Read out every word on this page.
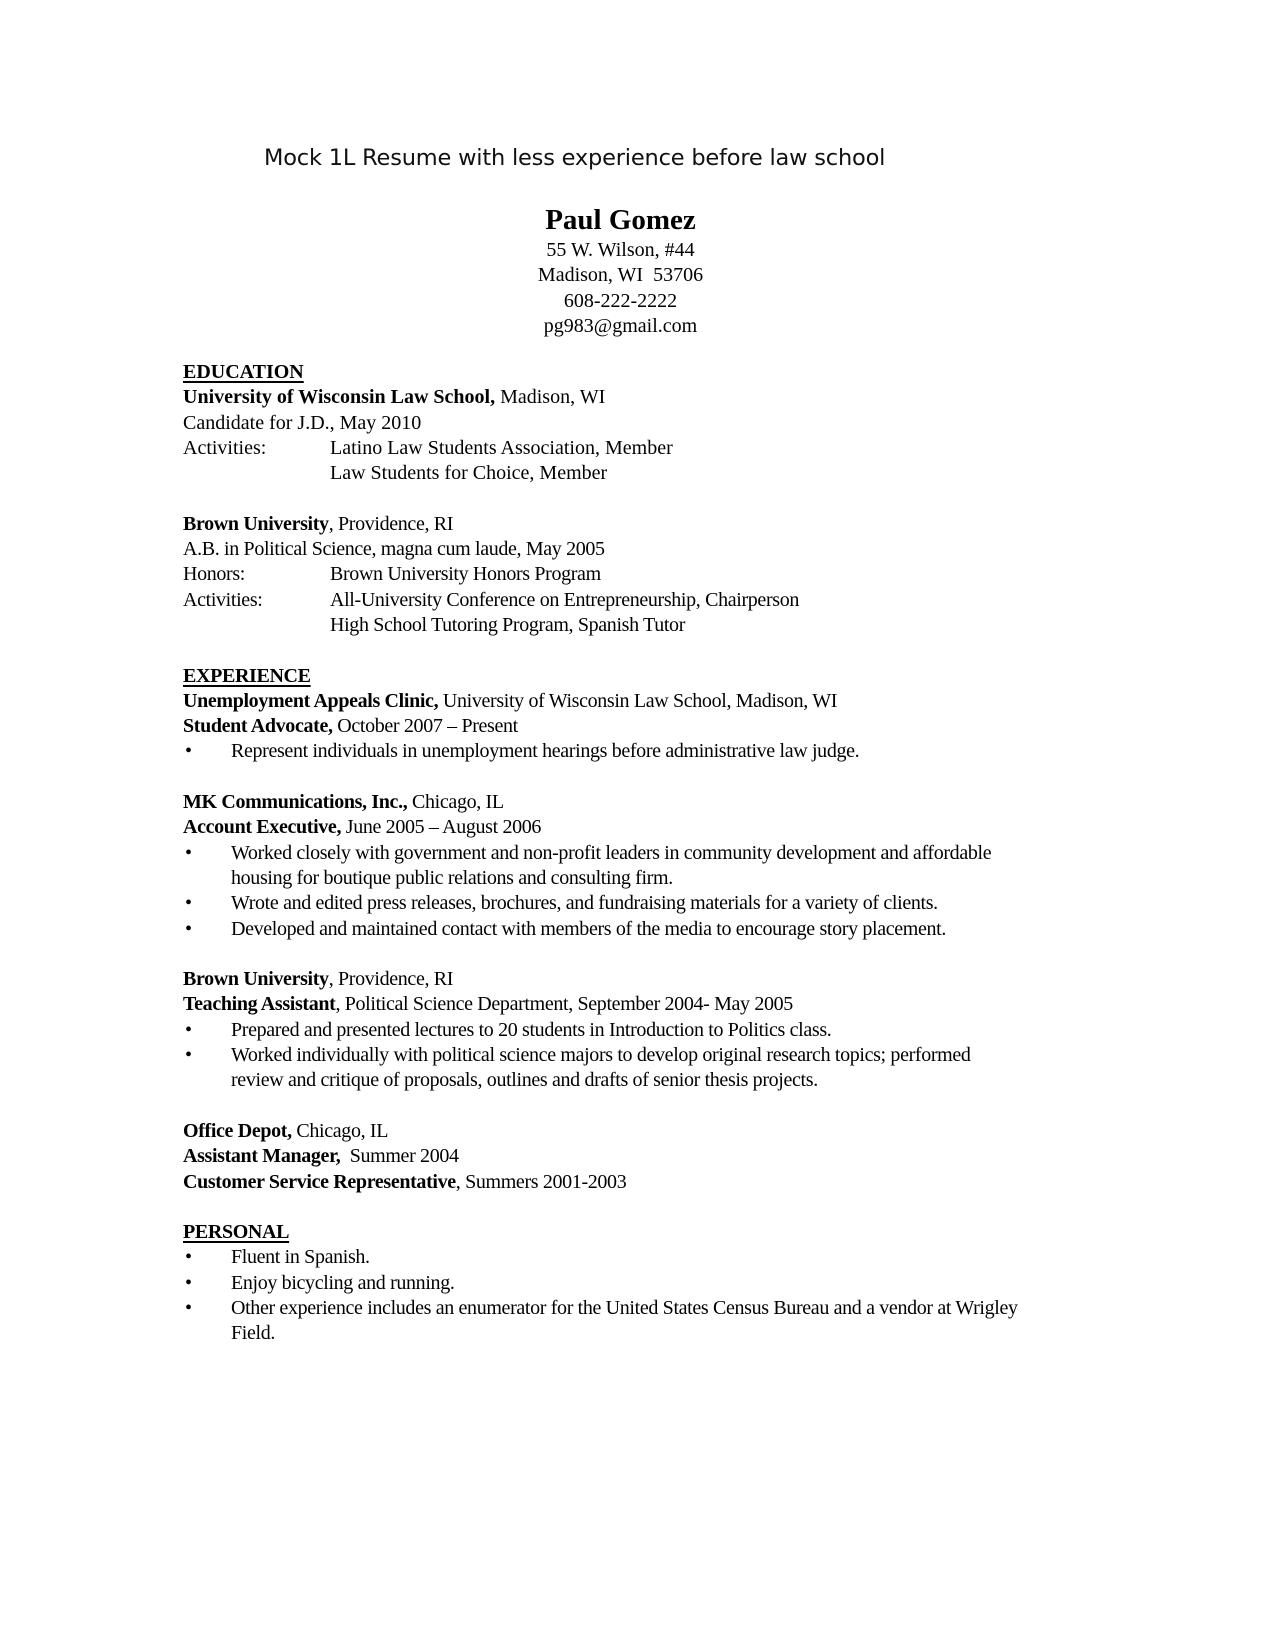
Mock 1L Resume with less experience before law school
Paul Gomez
55 W. Wilson, #44
Madison, WI  53706
608-222-2222
pg983@gmail.com
EDUCATION
University of Wisconsin Law School, Madison, WI
Candidate for J.D., May 2010
Activities:	Latino Law Students Association, Member
Law Students for Choice, Member
Brown University, Providence, RI
A.B. in Political Science, magna cum laude, May 2005
Honors:	Brown University Honors Program
Activities:	All-University Conference on Entrepreneurship, Chairperson
High School Tutoring Program, Spanish Tutor
EXPERIENCE
Unemployment Appeals Clinic, University of Wisconsin Law School, Madison, WI
Student Advocate, October 2007 – Present
•	Represent individuals in unemployment hearings before administrative law judge.
MK Communications, Inc., Chicago, IL
Account Executive, June 2005 – August 2006
•	Worked closely with government and non-profit leaders in community development and affordable housing for boutique public relations and consulting firm.
•	Wrote and edited press releases, brochures, and fundraising materials for a variety of clients.
•	Developed and maintained contact with members of the media to encourage story placement.
Brown University, Providence, RI
Teaching Assistant, Political Science Department, September 2004- May 2005
•	Prepared and presented lectures to 20 students in Introduction to Politics class.
•	Worked individually with political science majors to develop original research topics; performed review and critique of proposals, outlines and drafts of senior thesis projects.
Office Depot, Chicago, IL
Assistant Manager,  Summer 2004
Customer Service Representative, Summers 2001-2003
PERSONAL
•	Fluent in Spanish.
•	Enjoy bicycling and running.
•	Other experience includes an enumerator for the United States Census Bureau and a vendor at Wrigley Field.
